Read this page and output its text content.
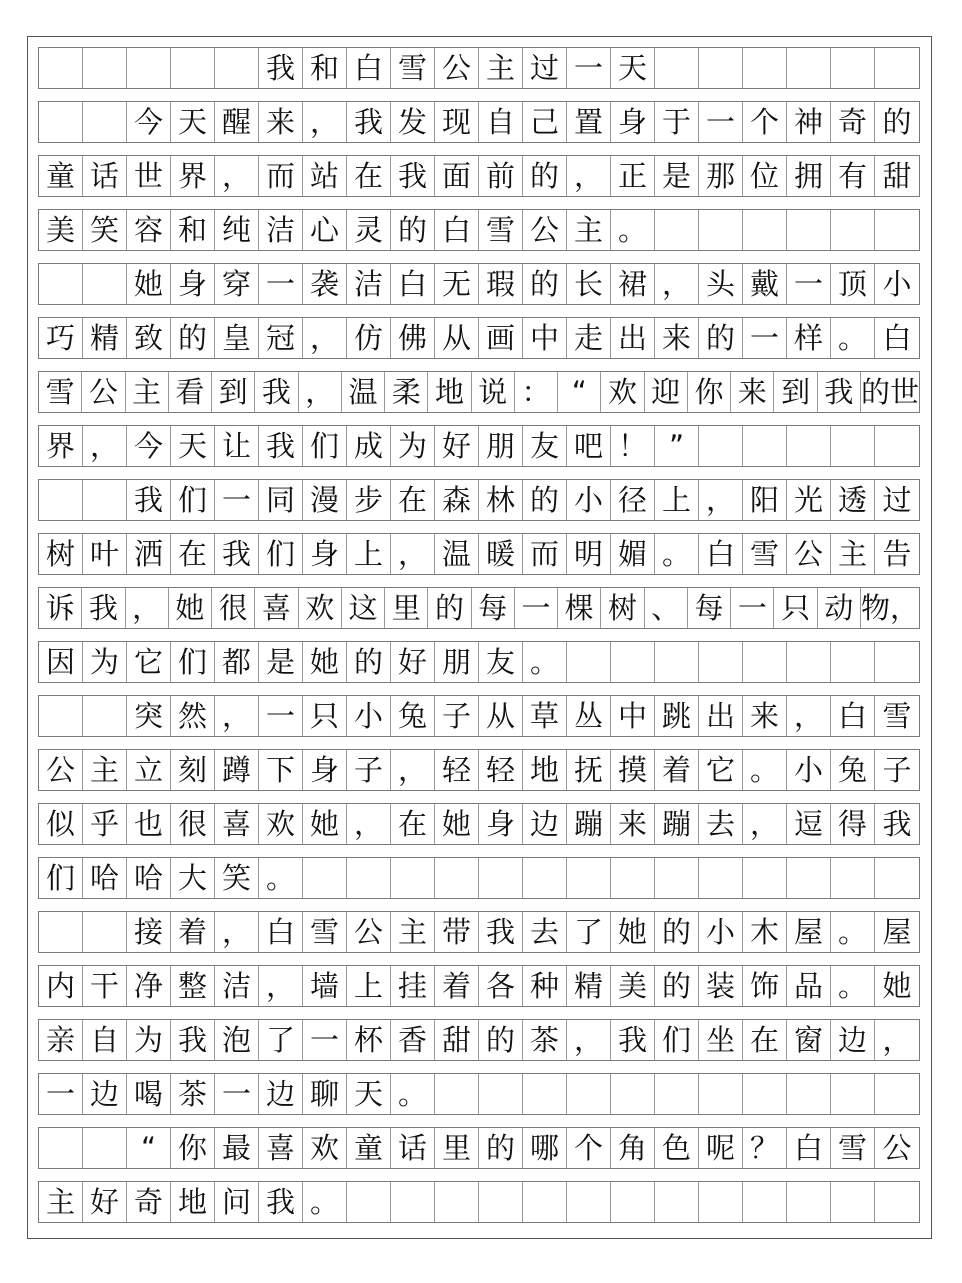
我 和 白 雪 公 主 过 一 天
今 天 醒 来 ， 我 发 现 自 己 置 身 于 一 个 神 奇 的
童 话 世 界 ， 而 站 在 我 面 前 的 ， 正 是 那 位 拥 有 甜
美 笑 容 和 纯 洁 心 灵 的 白 雪 公 主 。
她 身 穿 一 袭 洁 白 无 瑕 的 长 裙 ， 头 戴 一 顶 小
巧 精 致 的 皇 冠 ， 仿 佛 从 画 中 走 出 来 的 一 样 。 白
雪 公 主 看 到 我 ， 温 柔 地 说 ： “ 欢 迎 你 来 到 我 的世
界 ， 今 天 让 我 们 成 为 好 朋 友 吧 ！ ”
我 们 一 同 漫 步 在 森 林 的 小 径 上 ， 阳 光 透 过
树 叶 洒 在 我 们 身 上 ， 温 暖 而 明 媚 。 白 雪 公 主 告
诉 我 ， 她 很 喜 欢 这 里 的 每 一 棵 树 、 每 一 只 动 物，
因 为 它 们 都 是 她 的 好 朋 友 。
突 然 ， 一 只 小 兔 子 从 草 丛 中 跳 出 来 ， 白 雪
公 主 立 刻 蹲 下 身 子 ， 轻 轻 地 抚 摸 着 它 。 小 兔 子
似 乎 也 很 喜 欢 她 ， 在 她 身 边 蹦 来 蹦 去 ， 逗 得 我
们 哈 哈 大 笑 。
接 着 ， 白 雪 公 主 带 我 去 了 她 的 小 木 屋 。 屋
内 干 净 整 洁 ， 墙 上 挂 着 各 种 精 美 的 装 饰 品 。 她
亲 自 为 我 泡 了 一 杯 香 甜 的 茶 ， 我 们 坐 在 窗 边 ，
一 边 喝 茶 一 边 聊 天 。
“ 你 最 喜 欢 童 话 里 的 哪 个 角 色 呢 ？ 白 雪 公
主 好 奇 地 问 我 。
